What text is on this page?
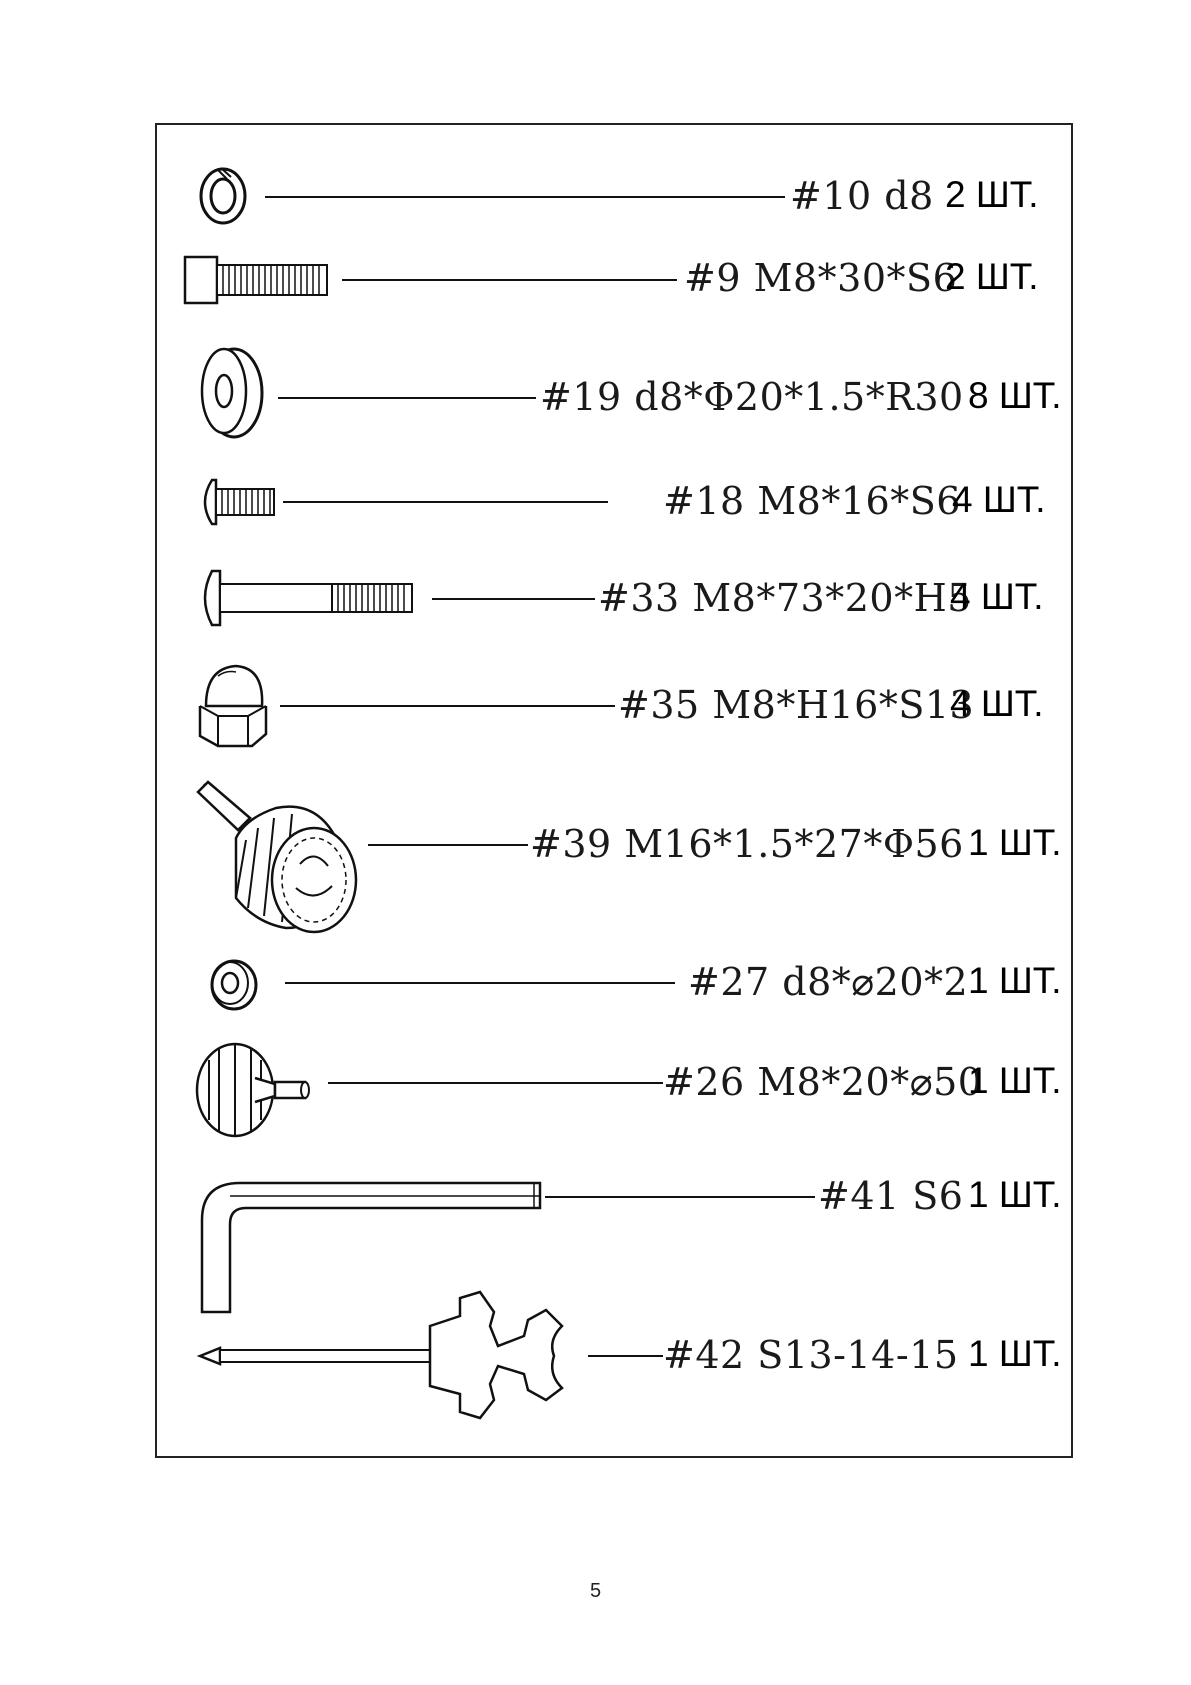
#10 d8 2 ШТ.
#9 M8*30*S6
2 ШТ.
#19 d8*Φ20*1.5*R30 8 ШТ.
#18 M8*16*S6
4 ШТ.
#33 M8*73*20*H5
4 ШТ.
#35 M8*H16*S13
4 ШТ.
#39 M16*1.5*27*Φ56 1 ШТ.
#27 d8*⌀20*2 1 ШТ.
#26 M8*20*⌀50
1 ШТ.
#41 S6 1 ШТ.
#42 S13-14-15 1 ШТ.
5
